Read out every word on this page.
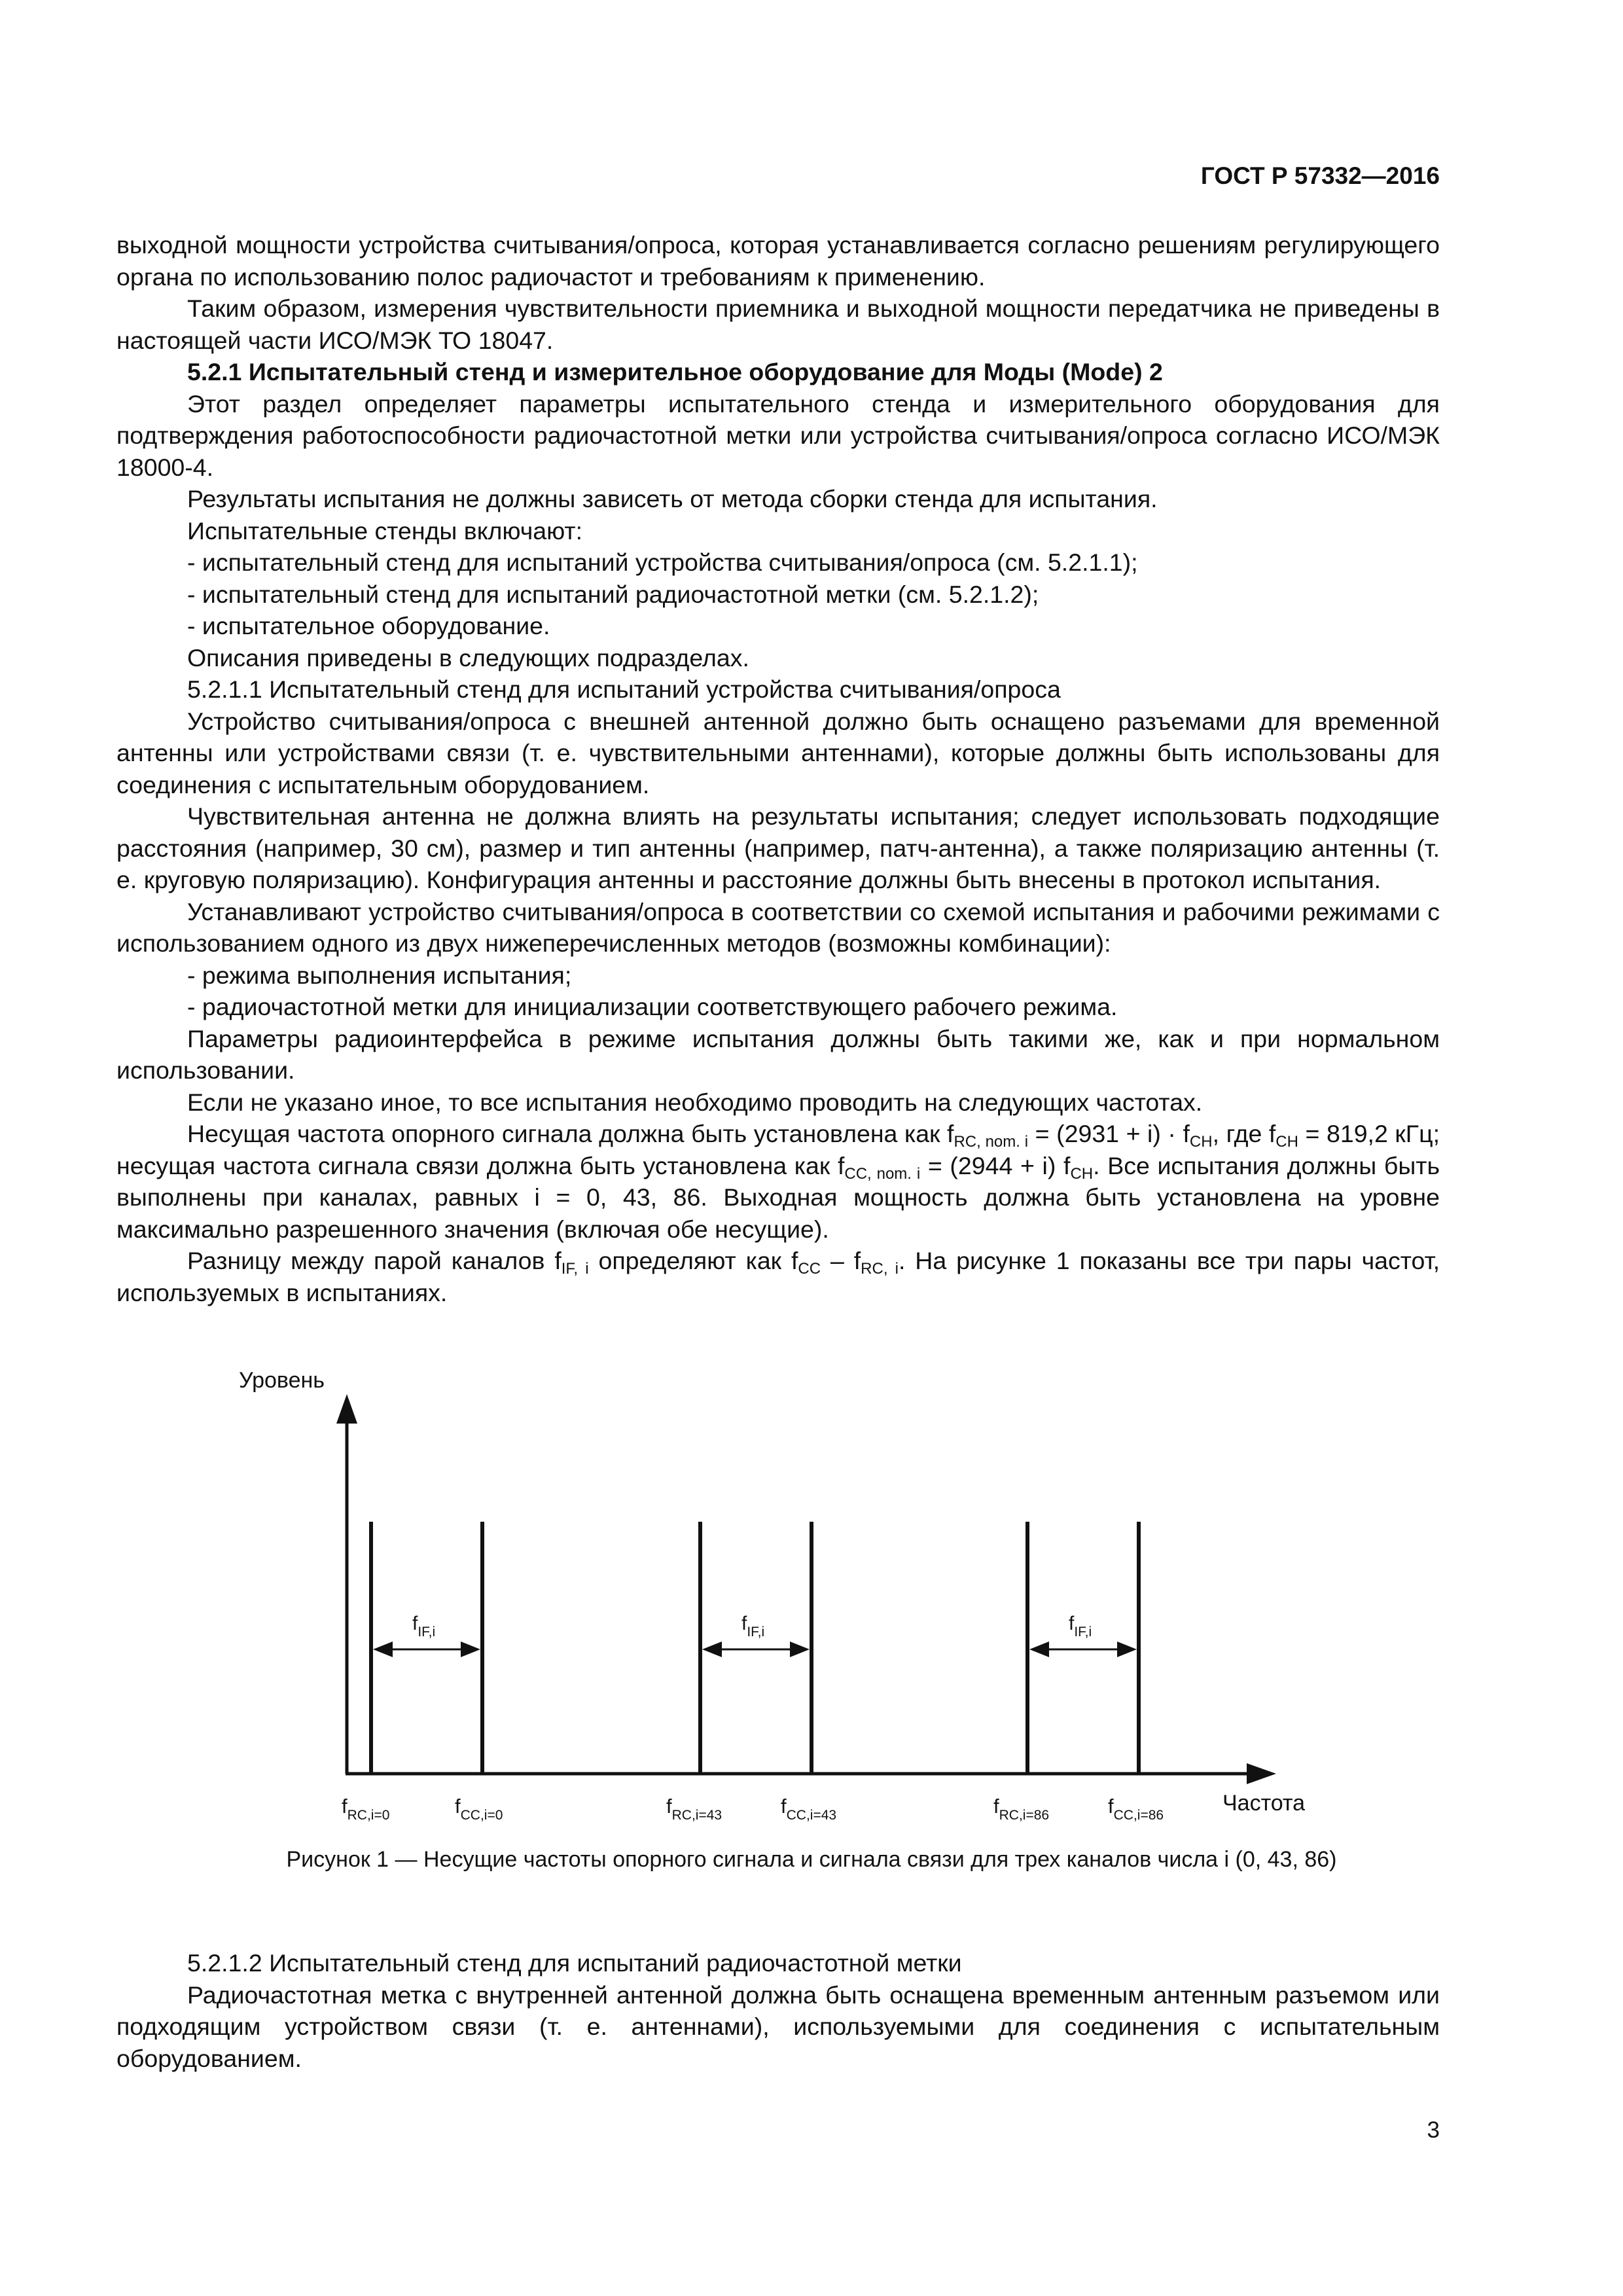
ГОСТ Р 57332—2016

выходной мощности устройства считывания/опроса, которая устанавливается согласно решениям регулирующего органа по использованию полос радиочастот и требованиям к применению.

Таким образом, измерения чувствительности приемника и выходной мощности передатчика не приведены в настоящей части ИСО/МЭК ТО 18047.

5.2.1 Испытательный стенд и измерительное оборудование для Моды (Mode) 2

Этот раздел определяет параметры испытательного стенда и измерительного оборудования для подтверждения работоспособности радиочастотной метки или устройства считывания/опроса согласно ИСО/МЭК 18000-4.

Результаты испытания не должны зависеть от метода сборки стенда для испытания.

Испытательные стенды включают:

- испытательный стенд для испытаний устройства считывания/опроса (см. 5.2.1.1);

- испытательный стенд для испытаний радиочастотной метки (см. 5.2.1.2);

- испытательное оборудование.

Описания приведены в следующих подразделах.

5.2.1.1 Испытательный стенд для испытаний устройства считывания/опроса

Устройство считывания/опроса с внешней антенной должно быть оснащено разъемами для временной антенны или устройствами связи (т. е. чувствительными антеннами), которые должны быть использованы для соединения с испытательным оборудованием.

Чувствительная антенна не должна влиять на результаты испытания; следует использовать подходящие расстояния (например, 30 см), размер и тип антенны (например, патч-антенна), а также поляризацию антенны (т. е. круговую поляризацию). Конфигурация антенны и расстояние должны быть внесены в протокол испытания.

Устанавливают устройство считывания/опроса в соответствии со схемой испытания и рабочими режимами с использованием одного из двух нижеперечисленных методов (возможны комбинации):

- режима выполнения испытания;

- радиочастотной метки для инициализации соответствующего рабочего режима.

Параметры радиоинтерфейса в режиме испытания должны быть такими же, как и при нормальном использовании.

Если не указано иное, то все испытания необходимо проводить на следующих частотах.

Несущая частота опорного сигнала должна быть установлена как $f_{RC, nom. i} = (2931 + i) \cdot f_{CH}$, где $f_{CH} = 819,2$ кГц; несущая частота сигнала связи должна быть установлена как $f_{CC, nom. i} = (2944 + i)$ $f_{CH}$. Все испытания должны быть выполнены при каналах, равных i = 0, 43, 86. Выходная мощность должна быть установлена на уровне максимально разрешенного значения (включая обе несущие).

Разницу между парой каналов $f_{IF, i}$ определяют как $f_{CC} - f_{RC, i}$. На рисунке 1 показаны все три пары частот, используемых в испытаниях.

Уровень
Частота
$f_{IF,i}$
$f_{RC,i=0}$	$f_{CC,i=0}$
$f_{IF,i}$
$f_{RC,i=43}$	$f_{CC,i=43}$
$f_{IF,i}$
$f_{RC,i=86}$	$f_{CC,i=86}$
Рисунок 1 — Несущие частоты опорного сигнала и сигнала связи для трех каналов числа i (0, 43, 86)

5.2.1.2 Испытательный стенд для испытаний радиочастотной метки

Радиочастотная метка с внутренней антенной должна быть оснащена временным антенным разъемом или подходящим устройством связи (т. е. антеннами), используемыми для соединения с испытательным оборудованием.

3
